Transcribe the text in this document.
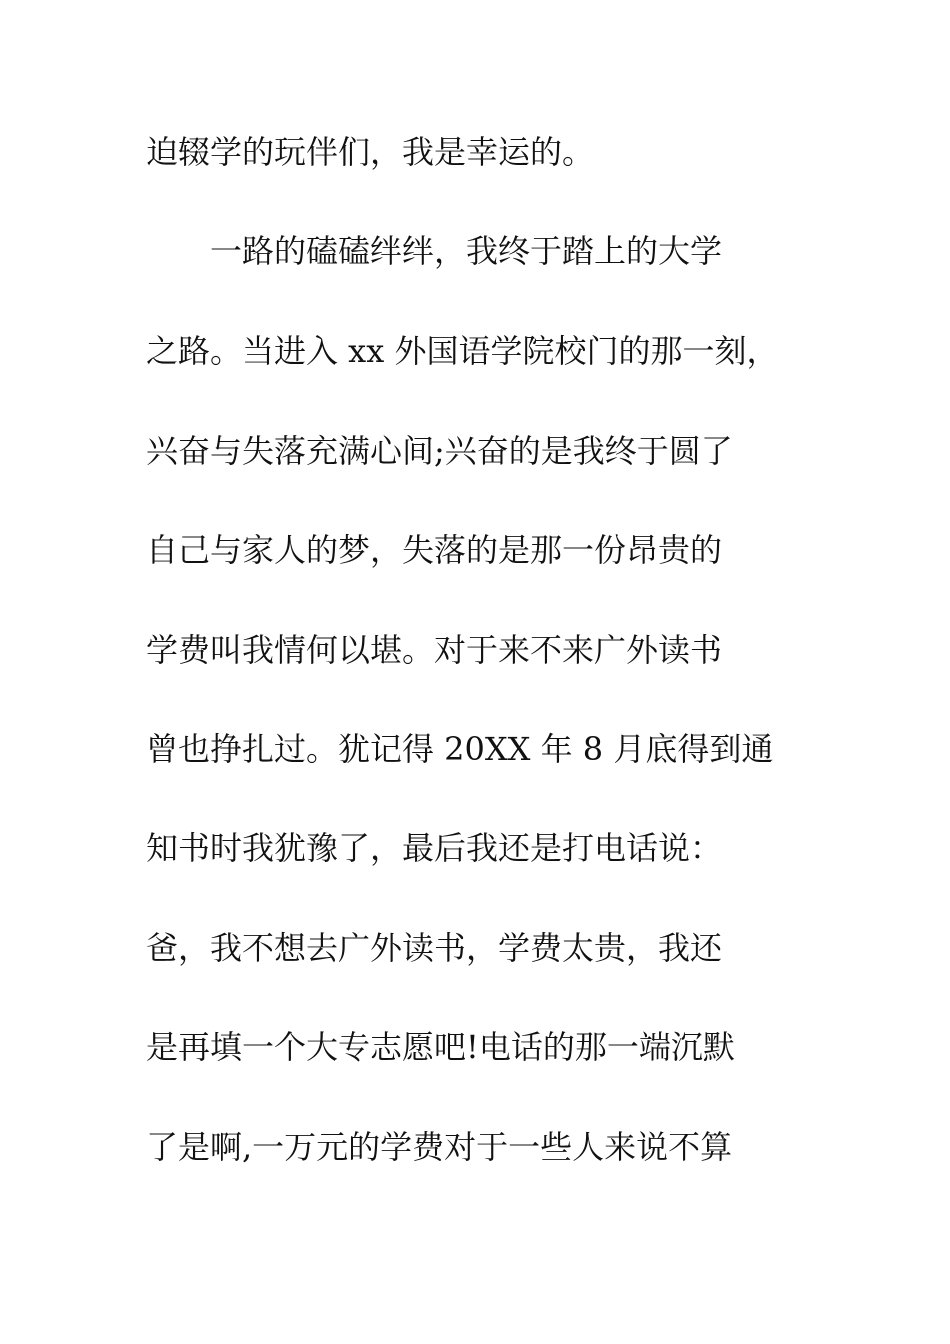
迫辍学的玩伴们，我是幸运的。
　　一路的磕磕绊绊，我终于踏上的大学
之路。当进入 xx 外国语学院校门的那一刻，
兴奋与失落充满心间;兴奋的是我终于圆了
自己与家人的梦，失落的是那一份昂贵的
学费叫我情何以堪。对于来不来广外读书
曾也挣扎过。犹记得 20XX 年 8 月底得到通
知书时我犹豫了，最后我还是打电话说：
爸，我不想去广外读书，学费太贵，我还
是再填一个大专志愿吧!电话的那一端沉默
了是啊,一万元的学费对于一些人来说不算
